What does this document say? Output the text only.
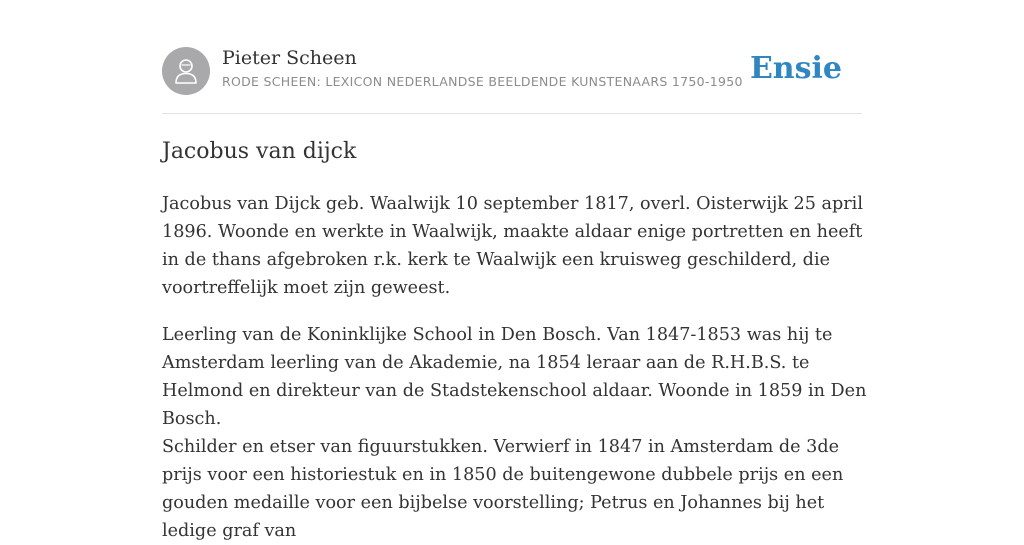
Pieter Scheen
RODE SCHEEN: LEXICON NEDERLANDSE BEELDENDE KUNSTENAARS 1750-1950 Ensie
Jacobus van dijck

Jacobus van Dijck geb. Waalwijk 10 september 1817, overl. Oisterwijk 25 april 1896. Woonde en werkte in Waalwijk, maakte aldaar enige portretten en heeft in de thans afgebroken r.k. kerk te Waalwijk een kruisweg geschilderd, die voortreffelijk moet zijn geweest.

Leerling van de Koninklijke School in Den Bosch. Van 1847-1853 was hij te Amsterdam leerling van de Akademie, na 1854 leraar aan de R.H.B.S. te Helmond en direkteur van de Stadstekenschool aldaar. Woonde in 1859 in Den Bosch.

Schilder en etser van figuurstukken. Verwierf in 1847 in Amsterdam de 3de prijs voor een historiestuk en in 1850 de buitengewone dubbele prijs en een gouden medaille voor een bijbelse voorstelling; Petrus en Johannes bij het ledige graf van
